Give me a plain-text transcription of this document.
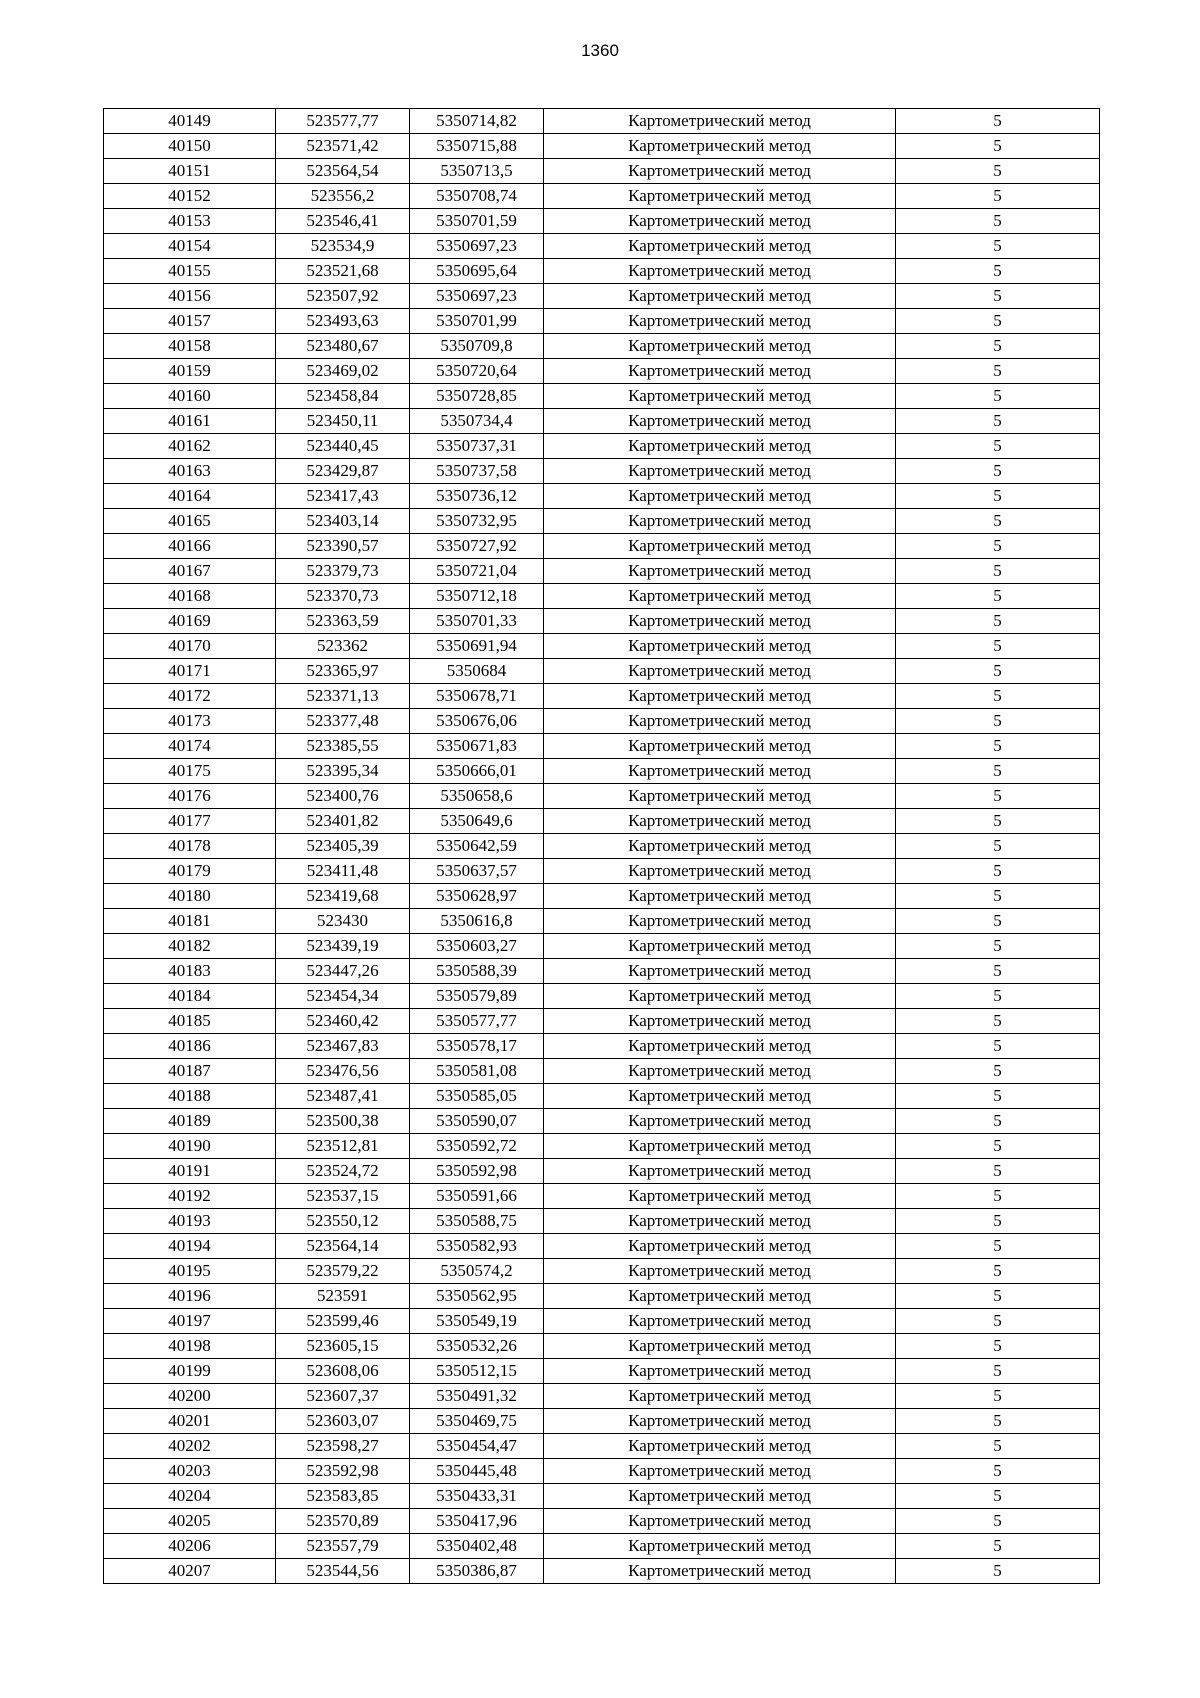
1360
40149	523577,77	5350714,82	Картометрический метод	5
40150	523571,42	5350715,88	Картометрический метод	5
40151	523564,54	5350713,5	Картометрический метод	5
40152	523556,2	5350708,74	Картометрический метод	5
40153	523546,41	5350701,59	Картометрический метод	5
40154	523534,9	5350697,23	Картометрический метод	5
40155	523521,68	5350695,64	Картометрический метод	5
40156	523507,92	5350697,23	Картометрический метод	5
40157	523493,63	5350701,99	Картометрический метод	5
40158	523480,67	5350709,8	Картометрический метод	5
40159	523469,02	5350720,64	Картометрический метод	5
40160	523458,84	5350728,85	Картометрический метод	5
40161	523450,11	5350734,4	Картометрический метод	5
40162	523440,45	5350737,31	Картометрический метод	5
40163	523429,87	5350737,58	Картометрический метод	5
40164	523417,43	5350736,12	Картометрический метод	5
40165	523403,14	5350732,95	Картометрический метод	5
40166	523390,57	5350727,92	Картометрический метод	5
40167	523379,73	5350721,04	Картометрический метод	5
40168	523370,73	5350712,18	Картометрический метод	5
40169	523363,59	5350701,33	Картометрический метод	5
40170	523362	5350691,94	Картометрический метод	5
40171	523365,97	5350684	Картометрический метод	5
40172	523371,13	5350678,71	Картометрический метод	5
40173	523377,48	5350676,06	Картометрический метод	5
40174	523385,55	5350671,83	Картометрический метод	5
40175	523395,34	5350666,01	Картометрический метод	5
40176	523400,76	5350658,6	Картометрический метод	5
40177	523401,82	5350649,6	Картометрический метод	5
40178	523405,39	5350642,59	Картометрический метод	5
40179	523411,48	5350637,57	Картометрический метод	5
40180	523419,68	5350628,97	Картометрический метод	5
40181	523430	5350616,8	Картометрический метод	5
40182	523439,19	5350603,27	Картометрический метод	5
40183	523447,26	5350588,39	Картометрический метод	5
40184	523454,34	5350579,89	Картометрический метод	5
40185	523460,42	5350577,77	Картометрический метод	5
40186	523467,83	5350578,17	Картометрический метод	5
40187	523476,56	5350581,08	Картометрический метод	5
40188	523487,41	5350585,05	Картометрический метод	5
40189	523500,38	5350590,07	Картометрический метод	5
40190	523512,81	5350592,72	Картометрический метод	5
40191	523524,72	5350592,98	Картометрический метод	5
40192	523537,15	5350591,66	Картометрический метод	5
40193	523550,12	5350588,75	Картометрический метод	5
40194	523564,14	5350582,93	Картометрический метод	5
40195	523579,22	5350574,2	Картометрический метод	5
40196	523591	5350562,95	Картометрический метод	5
40197	523599,46	5350549,19	Картометрический метод	5
40198	523605,15	5350532,26	Картометрический метод	5
40199	523608,06	5350512,15	Картометрический метод	5
40200	523607,37	5350491,32	Картометрический метод	5
40201	523603,07	5350469,75	Картометрический метод	5
40202	523598,27	5350454,47	Картометрический метод	5
40203	523592,98	5350445,48	Картометрический метод	5
40204	523583,85	5350433,31	Картометрический метод	5
40205	523570,89	5350417,96	Картометрический метод	5
40206	523557,79	5350402,48	Картометрический метод	5
40207	523544,56	5350386,87	Картометрический метод	5
